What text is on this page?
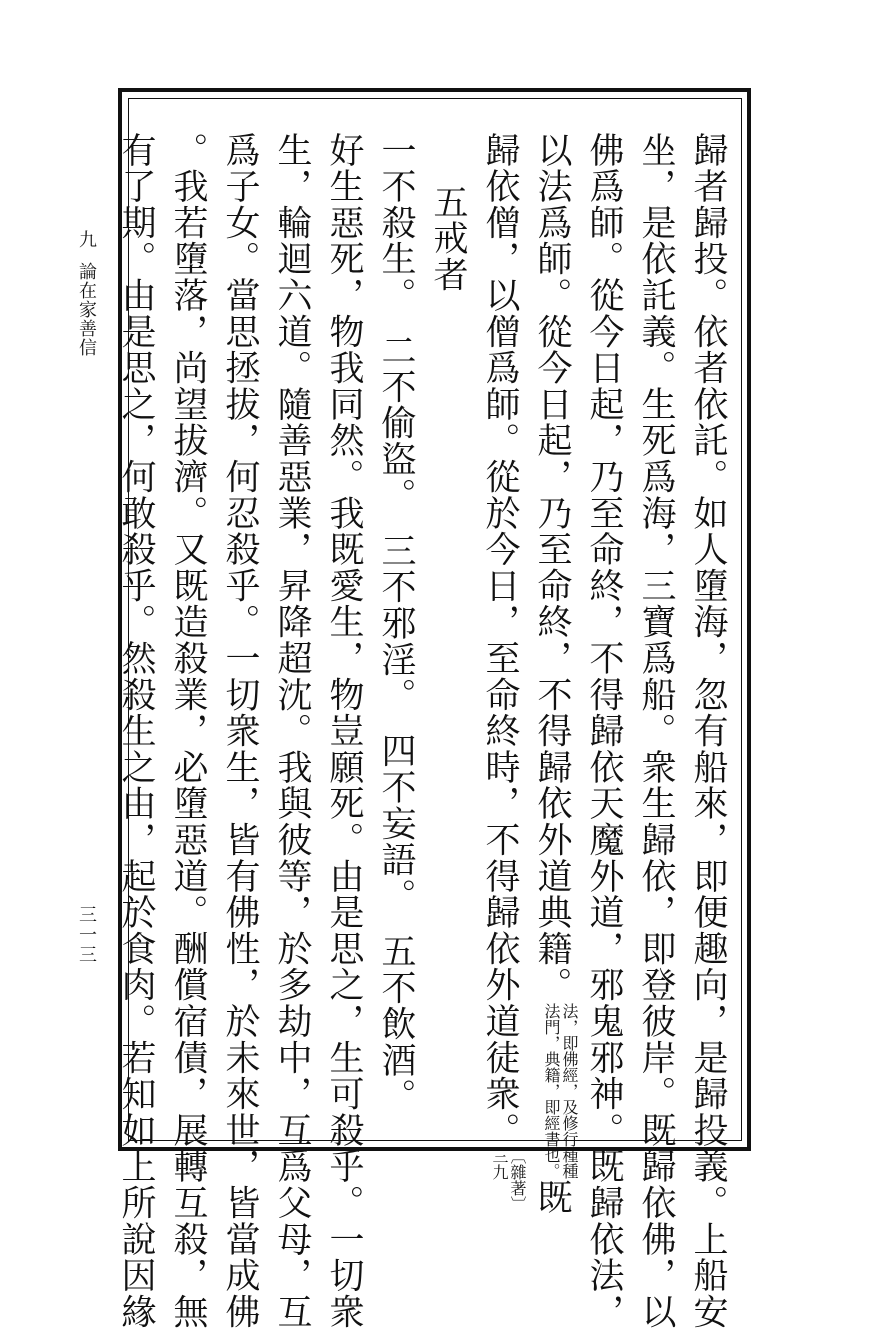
九
論在家善信
三一三	歸者歸投。依者依託。如人墮海，忽有船來，即便趣向，是歸投義。上船安
坐，是依託義。生死爲海，三寶爲船。衆生歸依，即登彼岸。既歸依佛，以
佛爲師。從今日起，乃至命終，不得歸依天魔外道，邪鬼邪神。既歸依法，
以法爲師。從今日起，乃至命終，不得歸依外道典籍。
法，即佛經，及修行種種
法門，典籍，即經書也。
既
歸依僧，以僧爲師。從於今日，至命終時，不得歸依外道徒衆。
〔雜著〕
三九
五戒者
一不殺生。　二不偷盜。　三不邪淫。　四不妄語。　五不飲酒。
好生惡死，物我同然。我既愛生，物豈願死。由是思之，生可殺乎。一切衆
生，輪迴六道。隨善惡業，昇降超沈。我與彼等，於多劫中，互爲父母，互
爲子女。當思拯拔，何忍殺乎。一切衆生，皆有佛性，於未來世，皆當成佛
。我若墮落，尚望拔濟。又既造殺業，必墮惡道。酬償宿債，展轉互殺，無
有了期。由是思之，何敢殺乎。然殺生之由，起於食肉。若知如上所說因緣
